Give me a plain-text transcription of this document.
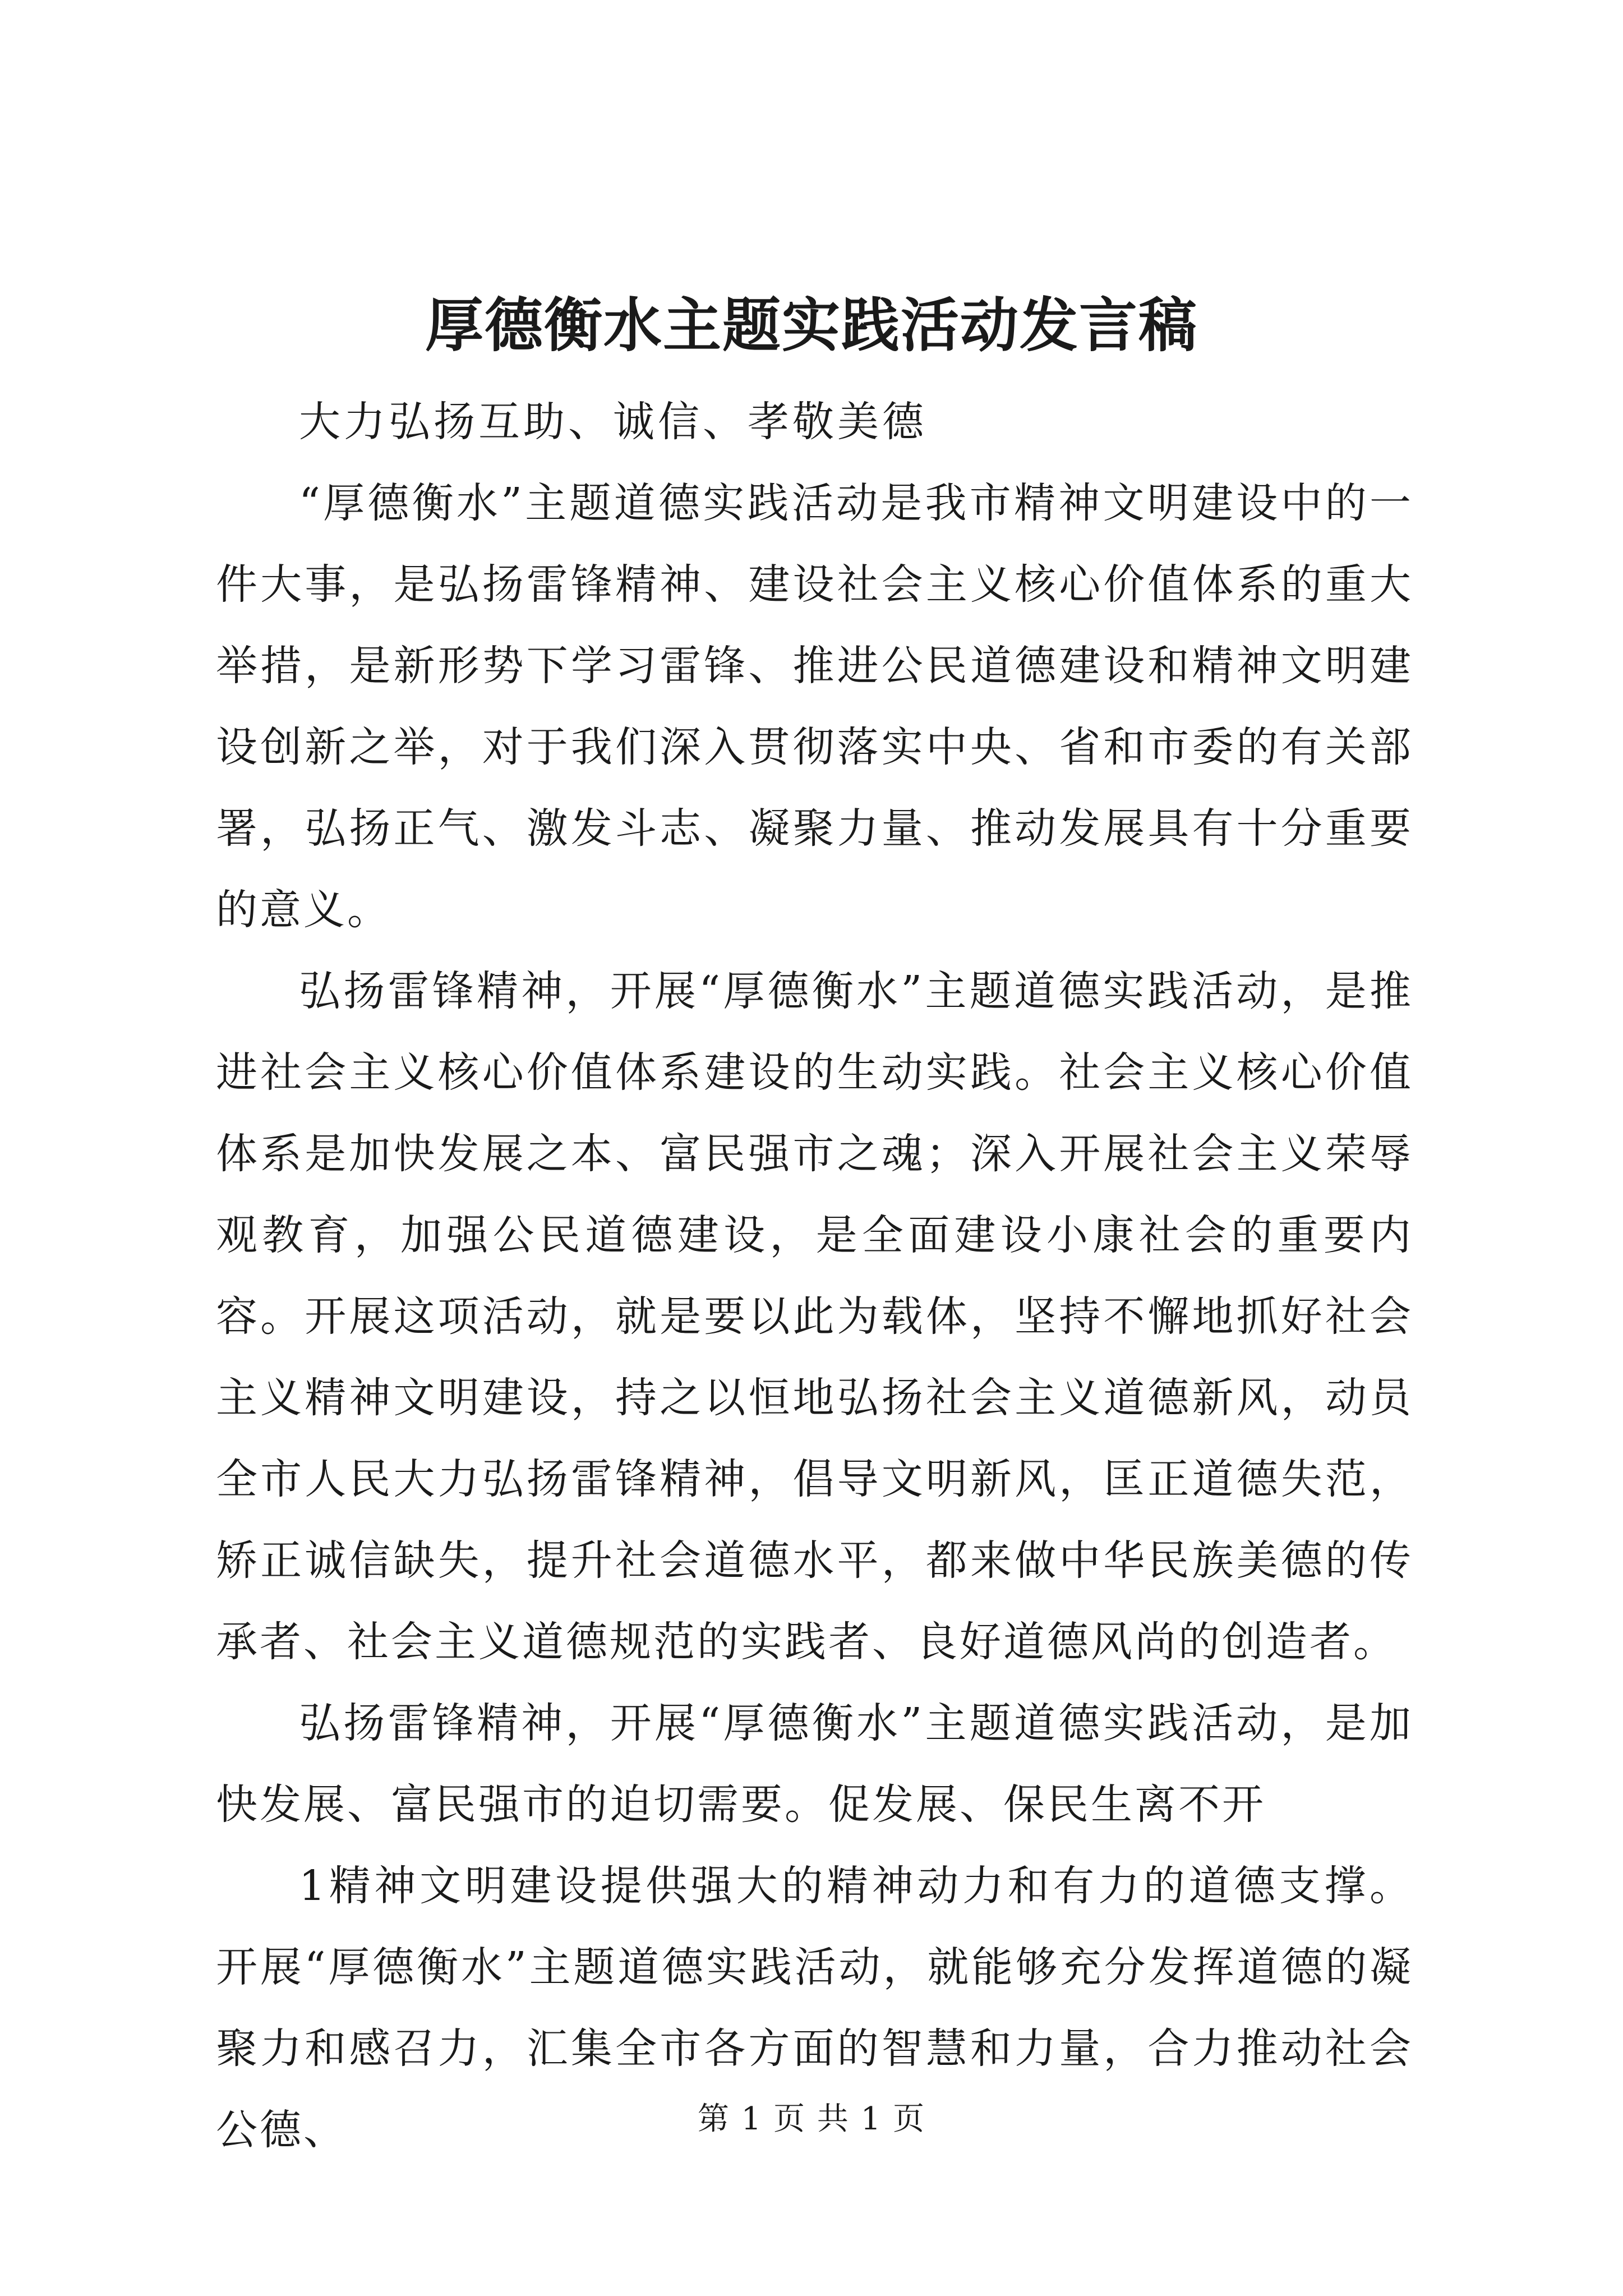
厚德衡水主题实践活动发言稿

大力弘扬互助、诚信、孝敬美德

“厚德衡水”主题道德实践活动是我市精神文明建设中的一件大事，是弘扬雷锋精神、建设社会主义核心价值体系的重大举措，是新形势下学习雷锋、推进公民道德建设和精神文明建设创新之举，对于我们深入贯彻落实中央、省和市委的有关部署，弘扬正气、激发斗志、凝聚力量、推动发展具有十分重要的意义。

弘扬雷锋精神，开展“厚德衡水”主题道德实践活动，是推进社会主义核心价值体系建设的生动实践。社会主义核心价值体系是加快发展之本、富民强市之魂；深入开展社会主义荣辱观教育，加强公民道德建设，是全面建设小康社会的重要内容。开展这项活动，就是要以此为载体，坚持不懈地抓好社会主义精神文明建设，持之以恒地弘扬社会主义道德新风，动员全市人民大力弘扬雷锋精神，倡导文明新风，匡正道德失范，矫正诚信缺失，提升社会道德水平，都来做中华民族美德的传承者、社会主义道德规范的实践者、良好道德风尚的创造者。

弘扬雷锋精神，开展“厚德衡水”主题道德实践活动，是加快发展、富民强市的迫切需要。促发展、保民生离不开

1精神文明建设提供强大的精神动力和有力的道德支撑。开展“厚德衡水”主题道德实践活动，就能够充分发挥道德的凝聚力和感召力，汇集全市各方面的智慧和力量，合力推动社会公德、	第 1 页 共 1 页
